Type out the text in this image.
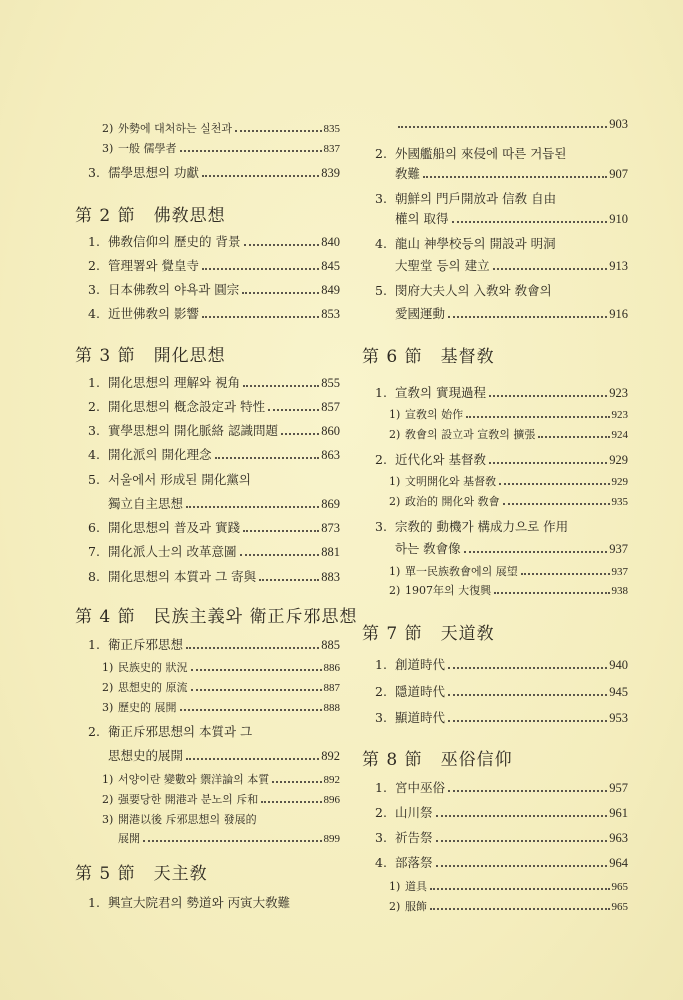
2) 外勢에 대처하는 실천과	835
3) 一般 儒學者	837
3. 儒學思想의 功獻	839
第 2 節 佛敎思想
1. 佛敎信仰의 歷史的 背景	840
2. 管理署와 覺皇寺	845
3. 日本佛敎의 야욕과 圓宗	849
4. 近世佛敎의 影響	853
第 3 節 開化思想
1. 開化思想의 理解와 視角	855
2. 開化思想의 槪念設定과 特性	857
3. 實學思想의 開化脈絡 認識問題	860
4. 開化派의 開化理念	863
5. 서울에서 形成된 開化黨의
獨立自主思想	869
6. 開化思想의 普及과 實踐	873
7. 開化派人士의 改革意圖	881
8. 開化思想의 本質과 그 寄與	883
第 4 節 民族主義와 衛正斥邪思想
1. 衛正斥邪思想	885
1) 民族史的 狀況	886
2) 思想史的 原流	887
3) 歷史的 展開	888
2. 衛正斥邪思想의 本質과 그
思想史的展開	892
1) 서양이란 變數와 禦洋論의 本質	892
2) 强要당한 開港과 분노의 斥和	896
3) 開港以後 斥邪思想의 發展的
展開	899
第 5 節 天主敎
1. 興宣大院君의 勢道와 丙寅大敎難
903
2. 外國艦船의 來侵에 따른 거듭된
敎難	907
3. 朝鮮의 門戶開放과 信敎 自由
權의 取得	910
4. 龍山 神學校등의 開設과 明洞
大聖堂 등의 建立	913
5. 閔府大夫人의 入敎와 敎會의
愛國運動	916
第 6 節 基督敎
1. 宣敎의 實現過程	923
1) 宣敎의 始作	923
2) 敎會의 設立과 宣敎의 擴張	924
2. 近代化와 基督敎	929
1) 文明開化와 基督敎	929
2) 政治的 開化와 敎會	935
3. 宗敎的 動機가 構成力으로 作用
하는 敎會像	937
1) 單一民族敎會에의 展望	937
2) 1907年의 大復興	938
第 7 節 天道敎
1. 創道時代	940
2. 隱道時代	945
3. 顯道時代	953
第 8 節 巫俗信仰
1. 宮中巫俗	957
2. 山川祭	961
3. 祈告祭	963
4. 部落祭	964
1) 道具	965
2) 服飾	965
